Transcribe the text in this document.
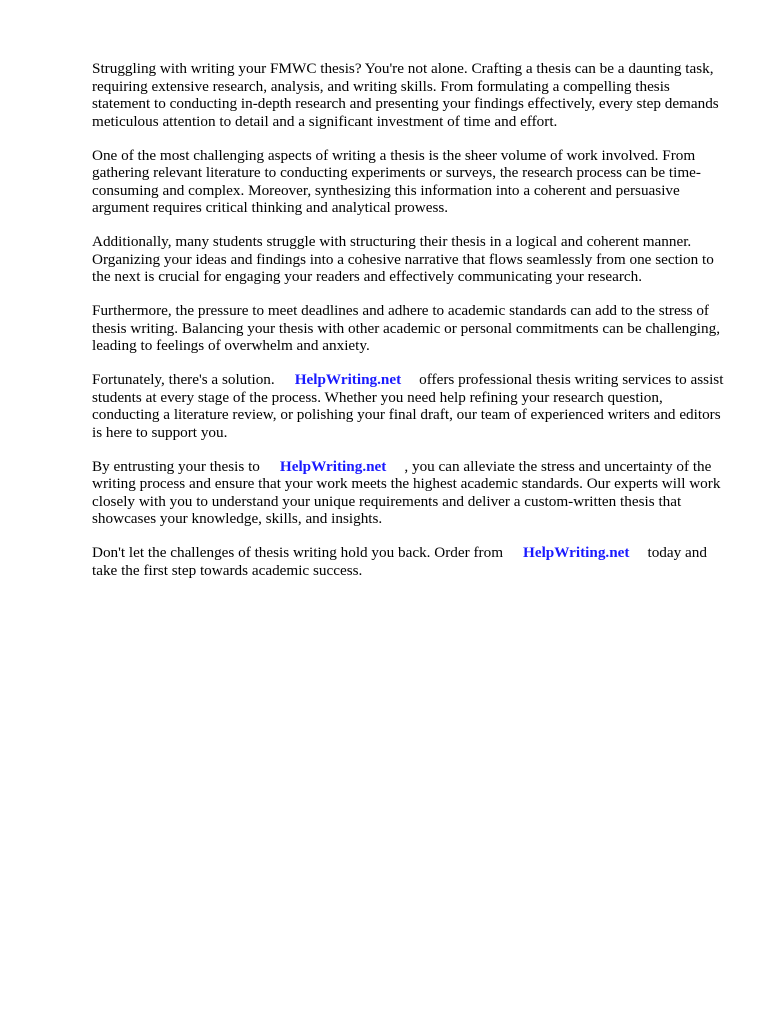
Struggling with writing your FMWC thesis? You're not alone. Crafting a thesis can be a daunting task, requiring extensive research, analysis, and writing skills. From formulating a compelling thesis statement to conducting in-depth research and presenting your findings effectively, every step demands meticulous attention to detail and a significant investment of time and effort.

One of the most challenging aspects of writing a thesis is the sheer volume of work involved. From gathering relevant literature to conducting experiments or surveys, the research process can be time-consuming and complex. Moreover, synthesizing this information into a coherent and persuasive argument requires critical thinking and analytical prowess.

Additionally, many students struggle with structuring their thesis in a logical and coherent manner. Organizing your ideas and findings into a cohesive narrative that flows seamlessly from one section to the next is crucial for engaging your readers and effectively communicating your research.

Furthermore, the pressure to meet deadlines and adhere to academic standards can add to the stress of thesis writing. Balancing your thesis with other academic or personal commitments can be challenging, leading to feelings of overwhelm and anxiety.

Fortunately, there's a solution. HelpWriting.net offers professional thesis writing services to assist students at every stage of the process. Whether you need help refining your research question, conducting a literature review, or polishing your final draft, our team of experienced writers and editors is here to support you.

By entrusting your thesis to HelpWriting.net , you can alleviate the stress and uncertainty of the writing process and ensure that your work meets the highest academic standards. Our experts will work closely with you to understand your unique requirements and deliver a custom-written thesis that showcases your knowledge, skills, and insights.

Don't let the challenges of thesis writing hold you back. Order from HelpWriting.net today and take the first step towards academic success.
